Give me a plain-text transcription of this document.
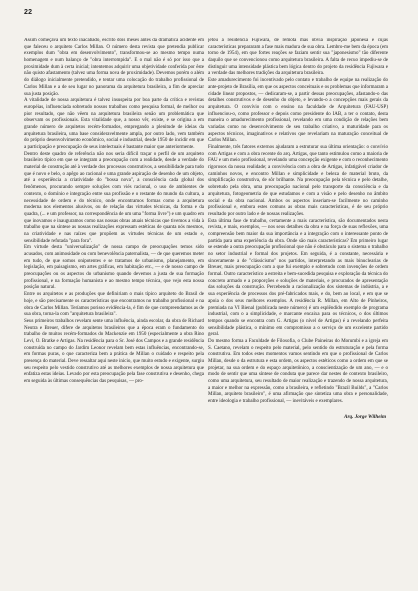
22

Assim começava um texto inacabado, escrito dois meses antes da dramática acidente em que faleceu o arquiteto Carlos Millan. O número desta revista que pretendia publicar exemplos dum "obra em desenvolvimento", transformou-se ao mesmo tempo numa homenagem e num balanço de "obra interrompida". E o mal não é só por isso que a proximidade dum à certa inicial; intentemos adquirir uma objetividade conferida por êste não quisto afastamento (talvez uma forma nova de proximidade). Devemos porém o além do diálogo inicialmente pretendido, e tentar uma colocação do trabalho profissional de Carlos Millan e a de seu lugar no panorama da arquitetura brasileira, a fim de apreciar sua justa posição.

A vitalidade de nossa arquitetura é talvez insuspeita por boa parte da crítica e revistas européias, influenciada sobretudo nossos trabalhos como pesquisa formal, de melhor ou pior resultado, que não vêem na arquitetura brasileira senão um problemática que observam os profissionais. Esta vitalidade que, a nosso vêr, existe, e se origina a em grande número de arquitetos recém-formados, empregando a plenitude de ideias da arquitetura brasileira, uma base consideravelmente ampla, por outro lado, vem também do próprio desenvolvimento econômico, social e industrial, desde 1950 de incidir em que a participação e preocupação de seus intelectuais é bastante maior que anteriormente.

Dentro deste quadro de referência não nos seria difícil traçar o perfil de um arquiteto brasileiro típico em que se integram a preocupação com a realidade, desde a verdade do material de construção até à verdade dos processos construtivos, a sensibilidade para tudo que é novo e belo, o apêgo ao racional e uma grande aspiração de desenho de um objeto, até a experiência a criatividade do "bossa nova", a consciência cada global dos fenômenos, procurando sempre soluções com viés racional, o uso de ambientes de contexto, o domínio e integração entre sua profissão e o restante do mundo da cultura, a necessidade de ordem e do técnico, onde encontramos formas como a arquitetura moderna nos elementos alusivos, ou de relação das virtudes técnicas, da forma e da quadra, (... e um professor, na correspondência de um uma "forma livre") e um quadro em que inovamos e inauguramos como nas nossas obras atuais técnicas que tivemos a vida à trabalho que na síntese as nossas realizações expressam estéticas de quanta nós mesmos, na criatividade e nas raízes que propõem as virtudes técnicas de um estado e, sensibilidade refutada "para fora".

Em virtude desta "universalização" de nossa campo de preocupações temos sido acusados, com animosidade ou com benevolência paternalista, — de que queremos meter em tudo, de que somos onipotentes e se tratamos de urbanismo, planejamento, em legislação, em paisagismo, em artes gráficas, em habitação etc., — e de nosso campo de preocupações ou os aspectos do urbanismo quando devemos a justa de sua formação profissional, e na formação humanista e ao mesmo tempo técnica, que vejo esta nossa posição natural.

Entre os arquitetos e as produções que definiriam o mais típico arquiteto do Brasil de hoje, e são precisamente os características que encontramos no trabalho profissional e na obra de Carlos Millan. Teríamos porisso evidência-la, é fim de que compreendamos as de sua obra, torna-la com "arquitetura brasileira".

Seus primeiros trabalhos revelam sente uma influência, ainda escolar, da obra de Richard Neutra e Breuer, difere de arquitetos brasileiros que a época eram o fundamento do trabalho de muitos recém-formados do Mackenzie em 1950 (especialmente a obra Rino Levi, O. Bratke e Artigas. Na residência para o Sr. José dos Campos e a grande residência construída no campo do Jardim Leonor revelam bem estas influências, encontrando-se, em formas puras, o que caracteriza bem a prática de Millan o cuidado e respeito pela presença do material. Deve ressaltar aqui neste inicio, que muito estudo e exigente, surgiu seu respeito pelo vestido construtivo até as melhores exemplos de nossa arquitetura que enfatiza estas ideias. Levado por esta preocupação pela fase construtiva e desenho, chega em seguida às últimas consequências das pesquisas, — pro-

jetou a residência Fujiwara, de remota mas óbvia inspiração japonesa e cujas características prepararam a fase mais madura de sua obra. Lembro-me bem da época (em torno de 1954), em que fortes reações se faziam sentir sua "japonesismo" tão diferente daquilo que se convencionou como arquitetura brasileira. A falta de recuo impediu-se de distinguir uma intensidade plástica bem lógica dentro do projeto da residência Fujiwara e a verdade das melhores tradições da arquitetura brasileira.

Este amadurecimento foi incentivado pelo contato e trabalho de equipe na realização do ante-projeto de Brasília, em que os aspectos conceituais e os problemas que informaram a cidade linear propostos, — dedicaram-se, a partir dessas preocupações, afastando-o das detalhes construtivos e de desenho do objeto, e levando-o a concepções mais gerais da arquitetura. O convívio com o ensino na faculdade de Arquitetura (FAU-USP) influenciou-o, como professor e depois como presidente do IAB, a ter o contato, desta maneira o amadurecimento profissional, revelando em uma condição de relações bem variadas como no desenvolvimento de seu trabalho criativo, a maturidade para os aspectos técnicos, imaginativos e relativos que revelariam na maturação conceitual de Carlos Millan.

Finalmente, três fatores externos ajudaram a estruturar sua última orientação: o convívio com Artigas e com a obra recente do arq. Artigas, que tanto estimulou como a maioria de FAU e um meio profissional, revelando uma concepção exigente e com o reconhecimento rigorosos da nossa realidade; a convivência com a obra de Artigas, infatigável criador de caminhos novos, e encontro Millan e simplicidade e beleza de material bruto, da simplificação construtiva, de sôr brilhante. Na preocupação pela técnica e pelo detalhe, sobretudo pela obra, uma preocupação nacional pelo transporte da consciência e da arquitetura, fotogeometria de que estudamos e com a visão e pelo desenho no âmbito social e da obra nacional. Ambos os aspectos inseriam-se facilmente no caminho profissional e, embora estes comuns as obras mais características, é de seu próprio resultado por outro lado e de nossas realizações.

Esta última fase de trabalho, certamente a mais característica, são documentados nesta revista, e mais, exemplos, — nos seus detalhes da obra e na força de suas reflexões, uma compreensão bem maior da sua importância e a integração com o interessante ponto de partida para uma experiência da obra. Onde são mais características? Em primeiro lugar se estende a outra preocupação profissional que não é obstáculo para o sistema o trabalho no setor industrial e formal dos projetos. Em seguida, é a constante, necessária e sinceramente a de "clássicismo" nos partidos, interpretando as mais binuclearias de Breuer, mais preocupação com a que fui exemplo e sobretudo com invenções de ordem formal. Outro característico a estreita e bem-sucedida pesquisa e exploração da técnica do concreto armado e a proporções e soluções de materiais, e procurados de apresentação das soluções da construção. Percebendo a racionalização dos sistemas de indústria, a e sua experiência de processos dos pré-fabricados mais, e do, bem ao local, e em que se apoia o dos seus melhores exemplos. A residência R. Millan, em Alto de Pinheiros, premiada na VI Bienal (publicada neste número) é um esplêndido exemplo de programa industrial, com o a simplicidade, e marcante encaixa para os técnicos, o dos últimos tempos quando se encontra com G. Artigas (o nível de Artigas) é a revelando perfeita sensibilidade plástica, o mínimo em compromisso a o serviço de um excelente partido geral.

Do mesmo forma a Faculdade de Filosofia, o Clube Paineiras do Morumbi e a igreja em S. Caetano, revelam o respeito pelo material, pelo sentido do estruturação e pela forma construtiva. Em todos estes momentos vamos sentindo em que o profissional de Carlos Millan, desde o da estrutura e esta ordem, os aspectos estéticos como a ordem em que se projetar, na sua ordem e do espaço arquitetônico, a conscientização de um ano, — e o modo de sentir que uma síntese de conduta que parece dar nestes de contexto brasileiro, como uma arquitetura, seu resultado de maior realização e trazendo de nossa arquitetura, a maior e melhor na expressão, como a brasileira, e refletindo "Brazil Builds", a "Carlos Millan, arquiteto brasileiro", é uma afirmação que sintetiza uma obra e personalidade, entre ideologia e trabalho profissional, — inevitáveis e exemplares.

Arq. Jorge Wilheim
